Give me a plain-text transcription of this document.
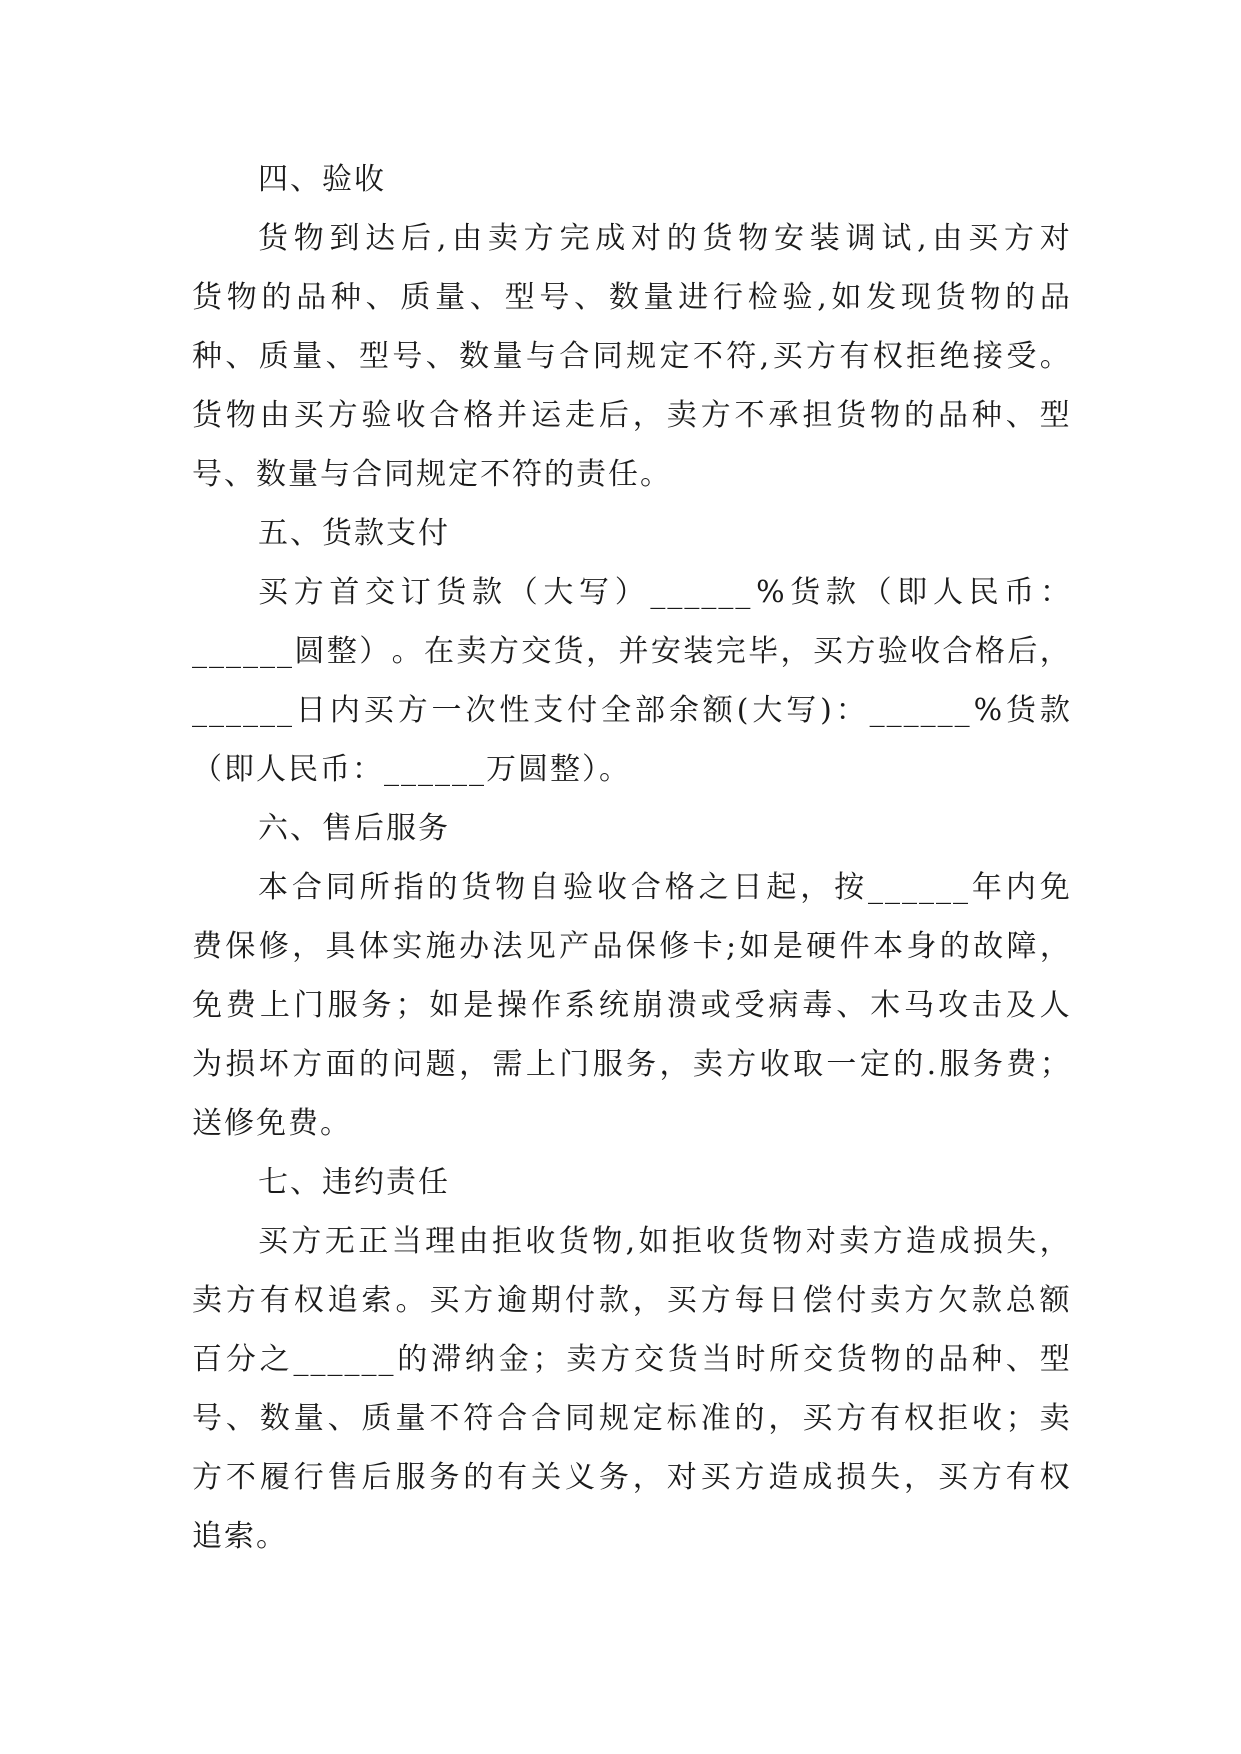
四、验收
货 物 到 达 后 , 由 卖 方 完 成 对 的 货 物 安 装 调 试 , 由 买 方 对
货 物 的 品 种 、 质 量 、 型 号 、 数 量 进 行 检 验 , 如 发 现 货 物 的 品
种 、 质 量 、 型 号 、 数 量 与 合 同 规 定 不 符 , 买 方 有 权 拒 绝 接 受 。
货 物 由 买 方 验 收 合 格 并 运 走 后 ， 卖 方 不 承 担 货 物 的 品 种 、 型
号、数量与合同规定不符的责任。
五、货款支付
买 方 首 交 订 货 款 （ 大 写 ） ______ % 货 款 （ 即 人 民 币 ：
______ 圆 整 ） 。 在 卖 方 交 货 ， 并 安 装 完 毕 ， 买 方 验 收 合 格 后 ，
______ 日 内 买 方 一 次 性 支 付 全 部 余 额 ( 大 写 ) ： ______ % 货 款
（即人民币：______万圆整）。
六、售后服务
本 合 同 所 指 的 货 物 自 验 收 合 格 之 日 起 ， 按 ______ 年 内 免
费 保 修 ， 具 体 实 施 办 法 见 产 品 保 修 卡 ; 如 是 硬 件 本 身 的 故 障 ，
免 费 上 门 服 务 ； 如 是 操 作 系 统 崩 溃 或 受 病 毒 、 木 马 攻 击 及 人
为 损 坏 方 面 的 问 题 ， 需 上 门 服 务 ， 卖 方 收 取 一 定 的 . 服 务 费 ；
送修免费。
七、违约责任
买 方 无 正 当 理 由 拒 收 货 物 , 如 拒 收 货 物 对 卖 方 造 成 损 失 ，
卖 方 有 权 追 索 。 买 方 逾 期 付 款 ， 买 方 每 日 偿 付 卖 方 欠 款 总 额
百 分 之 ______ 的 滞 纳 金 ； 卖 方 交 货 当 时 所 交 货 物 的 品 种 、 型
号 、 数 量 、 质 量 不 符 合 合 同 规 定 标 准 的 ， 买 方 有 权 拒 收 ； 卖
方 不 履 行 售 后 服 务 的 有 关 义 务 ， 对 买 方 造 成 损 失 ， 买 方 有 权
追索。
